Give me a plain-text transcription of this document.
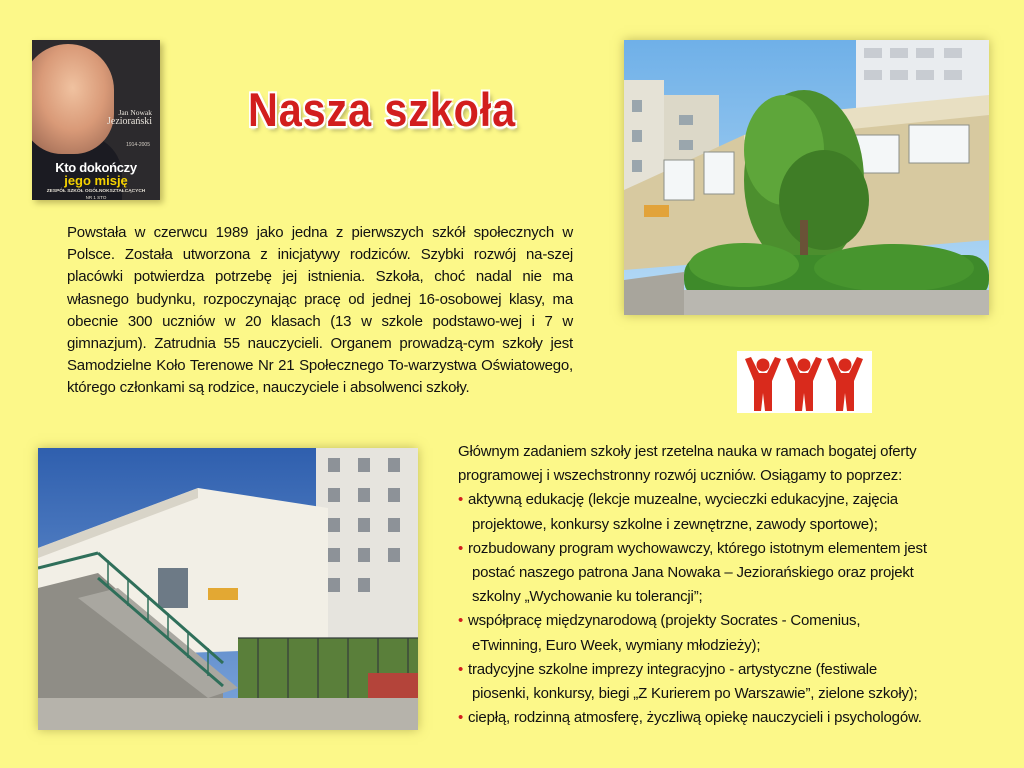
Jan Nowak
Jeziorański
1914-2005
Kto dokończy
jego misję
ZESPÓŁ SZKÓŁ OGÓLNOKSZTAŁCĄCYCH
NR 1 STO
Nasza szkoła
Powstała w czerwcu 1989 jako jedna z pierwszych szkół społecznych w Polsce. Została utworzona z inicjatywy rodziców. Szybki rozwój na-szej placówki potwierdza potrzebę jej istnienia. Szkoła, choć nadal nie ma własnego budynku, rozpoczynając pracę od jednej 16-osobowej klasy, ma obecnie 300 uczniów w 20 klasach (13 w szkole podstawo-wej i 7 w gimnazjum). Zatrudnia 55 nauczycieli. Organem prowadzą-cym szkoły jest Samodzielne Koło Terenowe Nr 21 Społecznego To-warzystwa Oświatowego, którego członkami są rodzice, nauczyciele i absolwenci szkoły.
Głównym zadaniem szkoły jest rzetelna nauka w ramach bogatej oferty programowej i wszechstronny rozwój uczniów. Osiągamy to poprzez:
• aktywną edukację (lekcje muzealne, wycieczki edukacyjne, zajęcia
projektowe, konkursy szkolne i zewnętrzne, zawody sportowe);
• rozbudowany program wychowawczy, którego istotnym elementem jest
postać naszego patrona Jana Nowaka – Jeziorańskiego oraz projekt
szkolny „Wychowanie ku tolerancji”;
• współpracę międzynarodową (projekty Socrates - Comenius,
eTwinning, Euro Week, wymiany młodzieży);
• tradycyjne szkolne imprezy integracyjno - artystyczne (festiwale
piosenki, konkursy, biegi „Z Kurierem po Warszawie”, zielone szkoły);
• ciepłą, rodzinną atmosferę, życzliwą opiekę nauczycieli i psychologów.
